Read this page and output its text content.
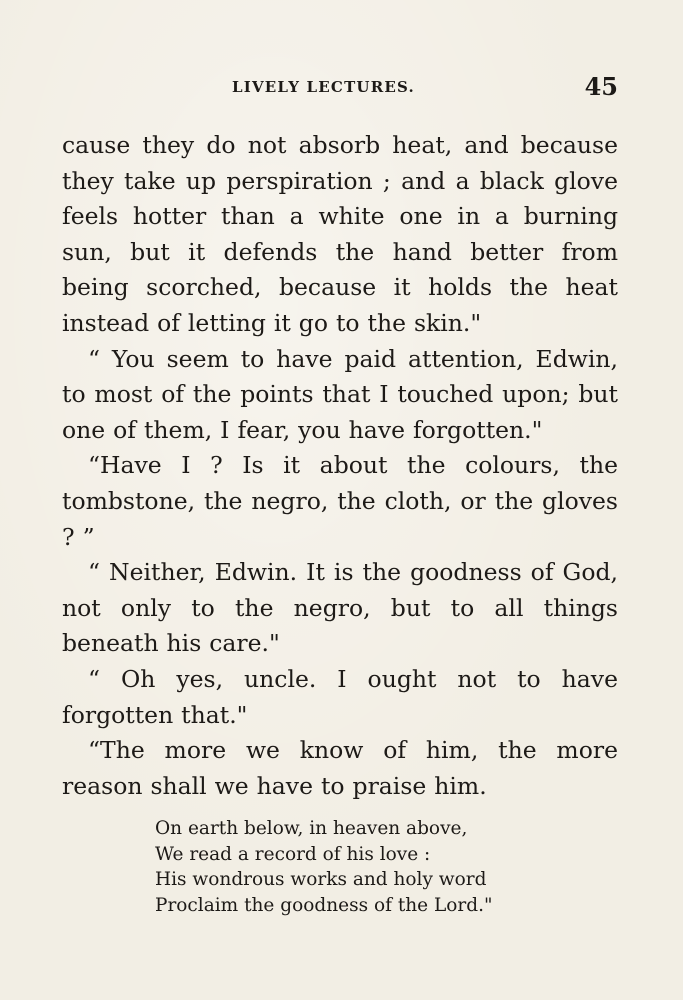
LIVELY LECTURES.	45

cause they do not absorb heat, and because they take up perspiration ; and a black glove feels hotter than a white one in a burning sun, but it defends the hand better from being scorched, because it holds the heat instead of letting it go to the skin."

“ You seem to have paid attention, Edwin, to most of the points that I touched upon; but one of them, I fear, you have forgotten."

“Have I ? Is it about the colours, the tombstone, the negro, the cloth, or the gloves ? ”

“ Neither, Edwin. It is the goodness of God, not only to the negro, but to all things beneath his care."

“ Oh yes, uncle. I ought not to have forgotten that."

“The more we know of him, the more reason shall we have to praise him.

On earth below, in heaven above,
We read a record of his love :
His wondrous works and holy word
Proclaim the goodness of the Lord."
